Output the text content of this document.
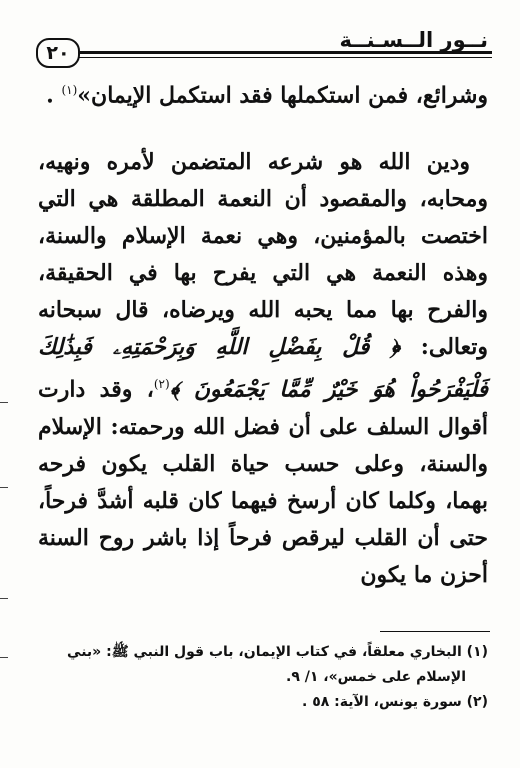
٢٠
نــور الــسـنــة

وشرائع، فمن استكملها فقد استكمل الإيمان»$^{(١)}$ .

ودين الله هو شرعه المتضمن لأمره ونهيه، ومحابه، والمقصود أن النعمة المطلقة هي التي اختصت بالمؤمنين، وهي نعمة الإسلام والسنة، وهذه النعمة هي التي يفرح بها في الحقيقة، والفرح بها مما يحبه الله ويرضاه، قال سبحانه وتعالى: ﴿ قُلْ بِفَضْلِ اللَّهِ وَبِرَحْمَتِهِۦ فَبِذَٰلِكَ فَلْيَفْرَحُواْ هُوَ خَيْرٌ مِّمَّا يَجْمَعُونَ ﴾$^{(٢)}$، وقد دارت أقوال السلف على أن فضل الله ورحمته: الإسلام والسنة، وعلى حسب حياة القلب يكون فرحه بهما، وكلما كان أرسخ فيهما كان قلبه أشدَّ فرحاً، حتى أن القلب ليرقص فرحاً إذا باشر روح السنة أحزن ما يكون

(١) البخاري معلقاً، في كتاب الإيمان، باب قول النبي ﷺ: «بني

الإسلام على خمس»، ١/ ٩.

(٢) سورة يونس، الآية: ٥٨ .
